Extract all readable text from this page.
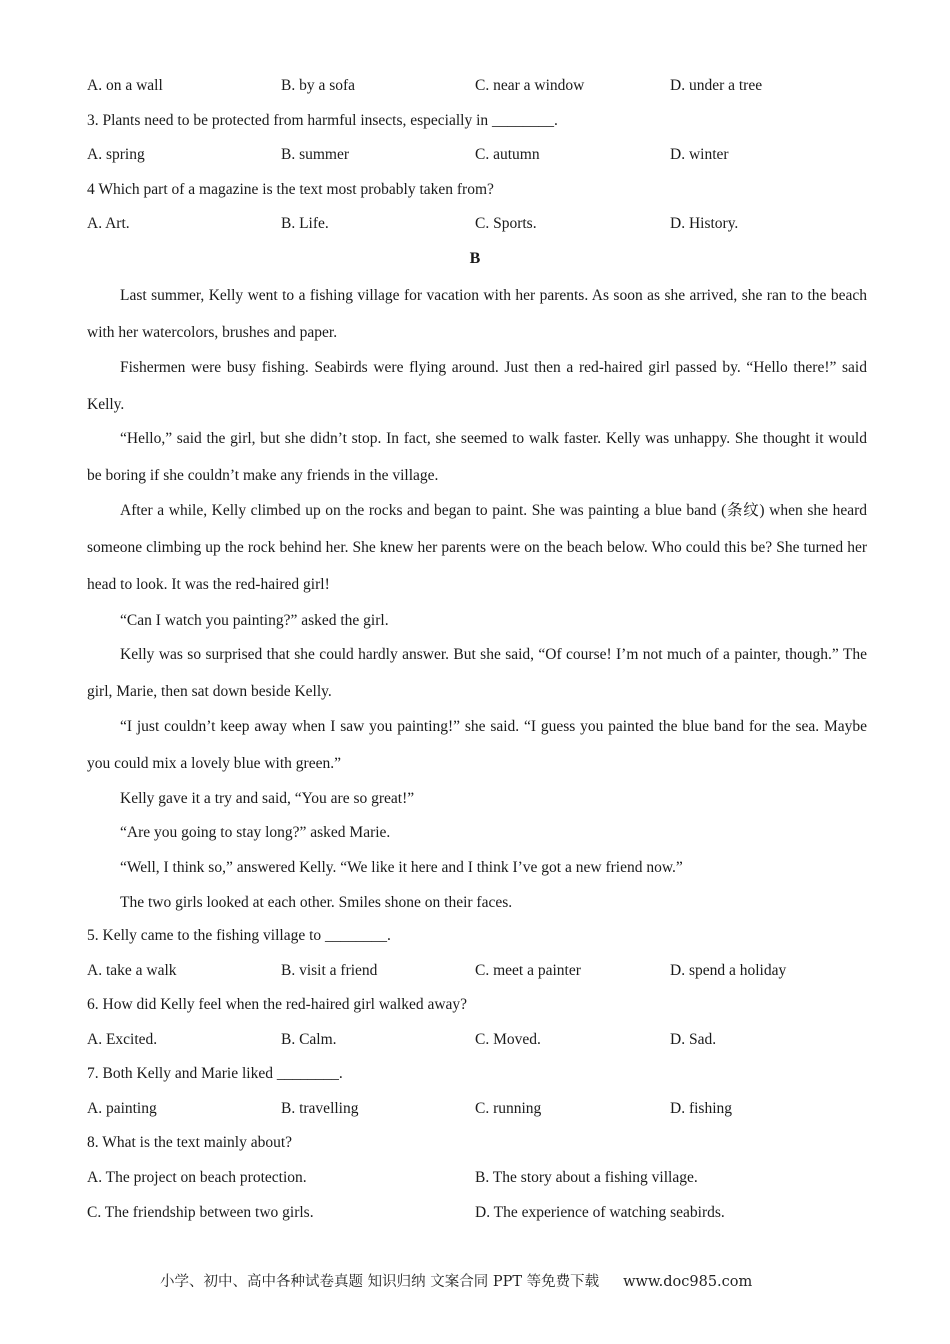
A. on a wall	B. by a sofa	C. near a window	D. under a tree
3. Plants need to be protected from harmful insects, especially in ________.
A. spring	B. summer	C. autumn	D. winter
4 Which part of a magazine is the text most probably taken from?
A. Art.	B. Life.	C. Sports.	D. History.
B
Last summer, Kelly went to a fishing village for vacation with her parents. As soon as she arrived, she ran to the beach with her watercolors, brushes and paper.
Fishermen were busy fishing. Seabirds were flying around. Just then a red-haired girl passed by. “Hello there!” said Kelly.
“Hello,” said the girl, but she didn’t stop. In fact, she seemed to walk faster. Kelly was unhappy. She thought it would be boring if she couldn’t make any friends in the village.
After a while, Kelly climbed up on the rocks and began to paint. She was painting a blue band (条纹) when she heard someone climbing up the rock behind her. She knew her parents were on the beach below. Who could this be? She turned her head to look. It was the red-haired girl!
“Can I watch you painting?” asked the girl.
Kelly was so surprised that she could hardly answer. But she said, “Of course! I’m not much of a painter, though.” The girl, Marie, then sat down beside Kelly.
“I just couldn’t keep away when I saw you painting!” she said. “I guess you painted the blue band for the sea. Maybe you could mix a lovely blue with green.”
Kelly gave it a try and said, “You are so great!”
“Are you going to stay long?” asked Marie.
“Well, I think so,” answered Kelly. “We like it here and I think I’ve got a new friend now.”
The two girls looked at each other. Smiles shone on their faces.
5. Kelly came to the fishing village to ________.
A. take a walk	B. visit a friend	C. meet a painter	D. spend a holiday
6. How did Kelly feel when the red-haired girl walked away?
A. Excited.	B. Calm.	C. Moved.	D. Sad.
7. Both Kelly and Marie liked ________.
A. painting	B. travelling	C. running	D. fishing
8. What is the text mainly about?
A. The project on beach protection.	B. The story about a fishing village.
C. The friendship between two girls.	D. The experience of watching seabirds.
小学、初中、高中各种试卷真题 知识归纳 文案合同 PPT 等免费下载 www.doc985.com
